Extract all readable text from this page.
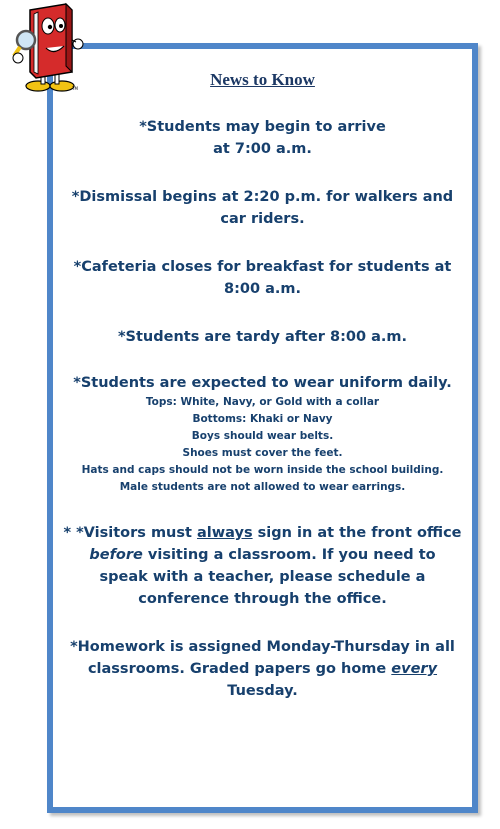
TM	News to Know
*Students may begin to arrive
at 7:00 a.m.
*Dismissal begins at 2:20 p.m. for walkers and
car riders.
*Cafeteria closes for breakfast for students at
8:00 a.m.
*Students are tardy after 8:00 a.m.
*Students are expected to wear uniform daily.
Tops: White, Navy, or Gold with a collar
Bottoms: Khaki or Navy
Boys should wear belts.
Shoes must cover the feet.
Hats and caps should not be worn inside the school building.
Male students are not allowed to wear earrings.
* *Visitors must always sign in at the front office before visiting a classroom. If you need to speak with a teacher, please schedule a conference through the office.
*Homework is assigned Monday-Thursday in all classrooms. Graded papers go home every Tuesday.
